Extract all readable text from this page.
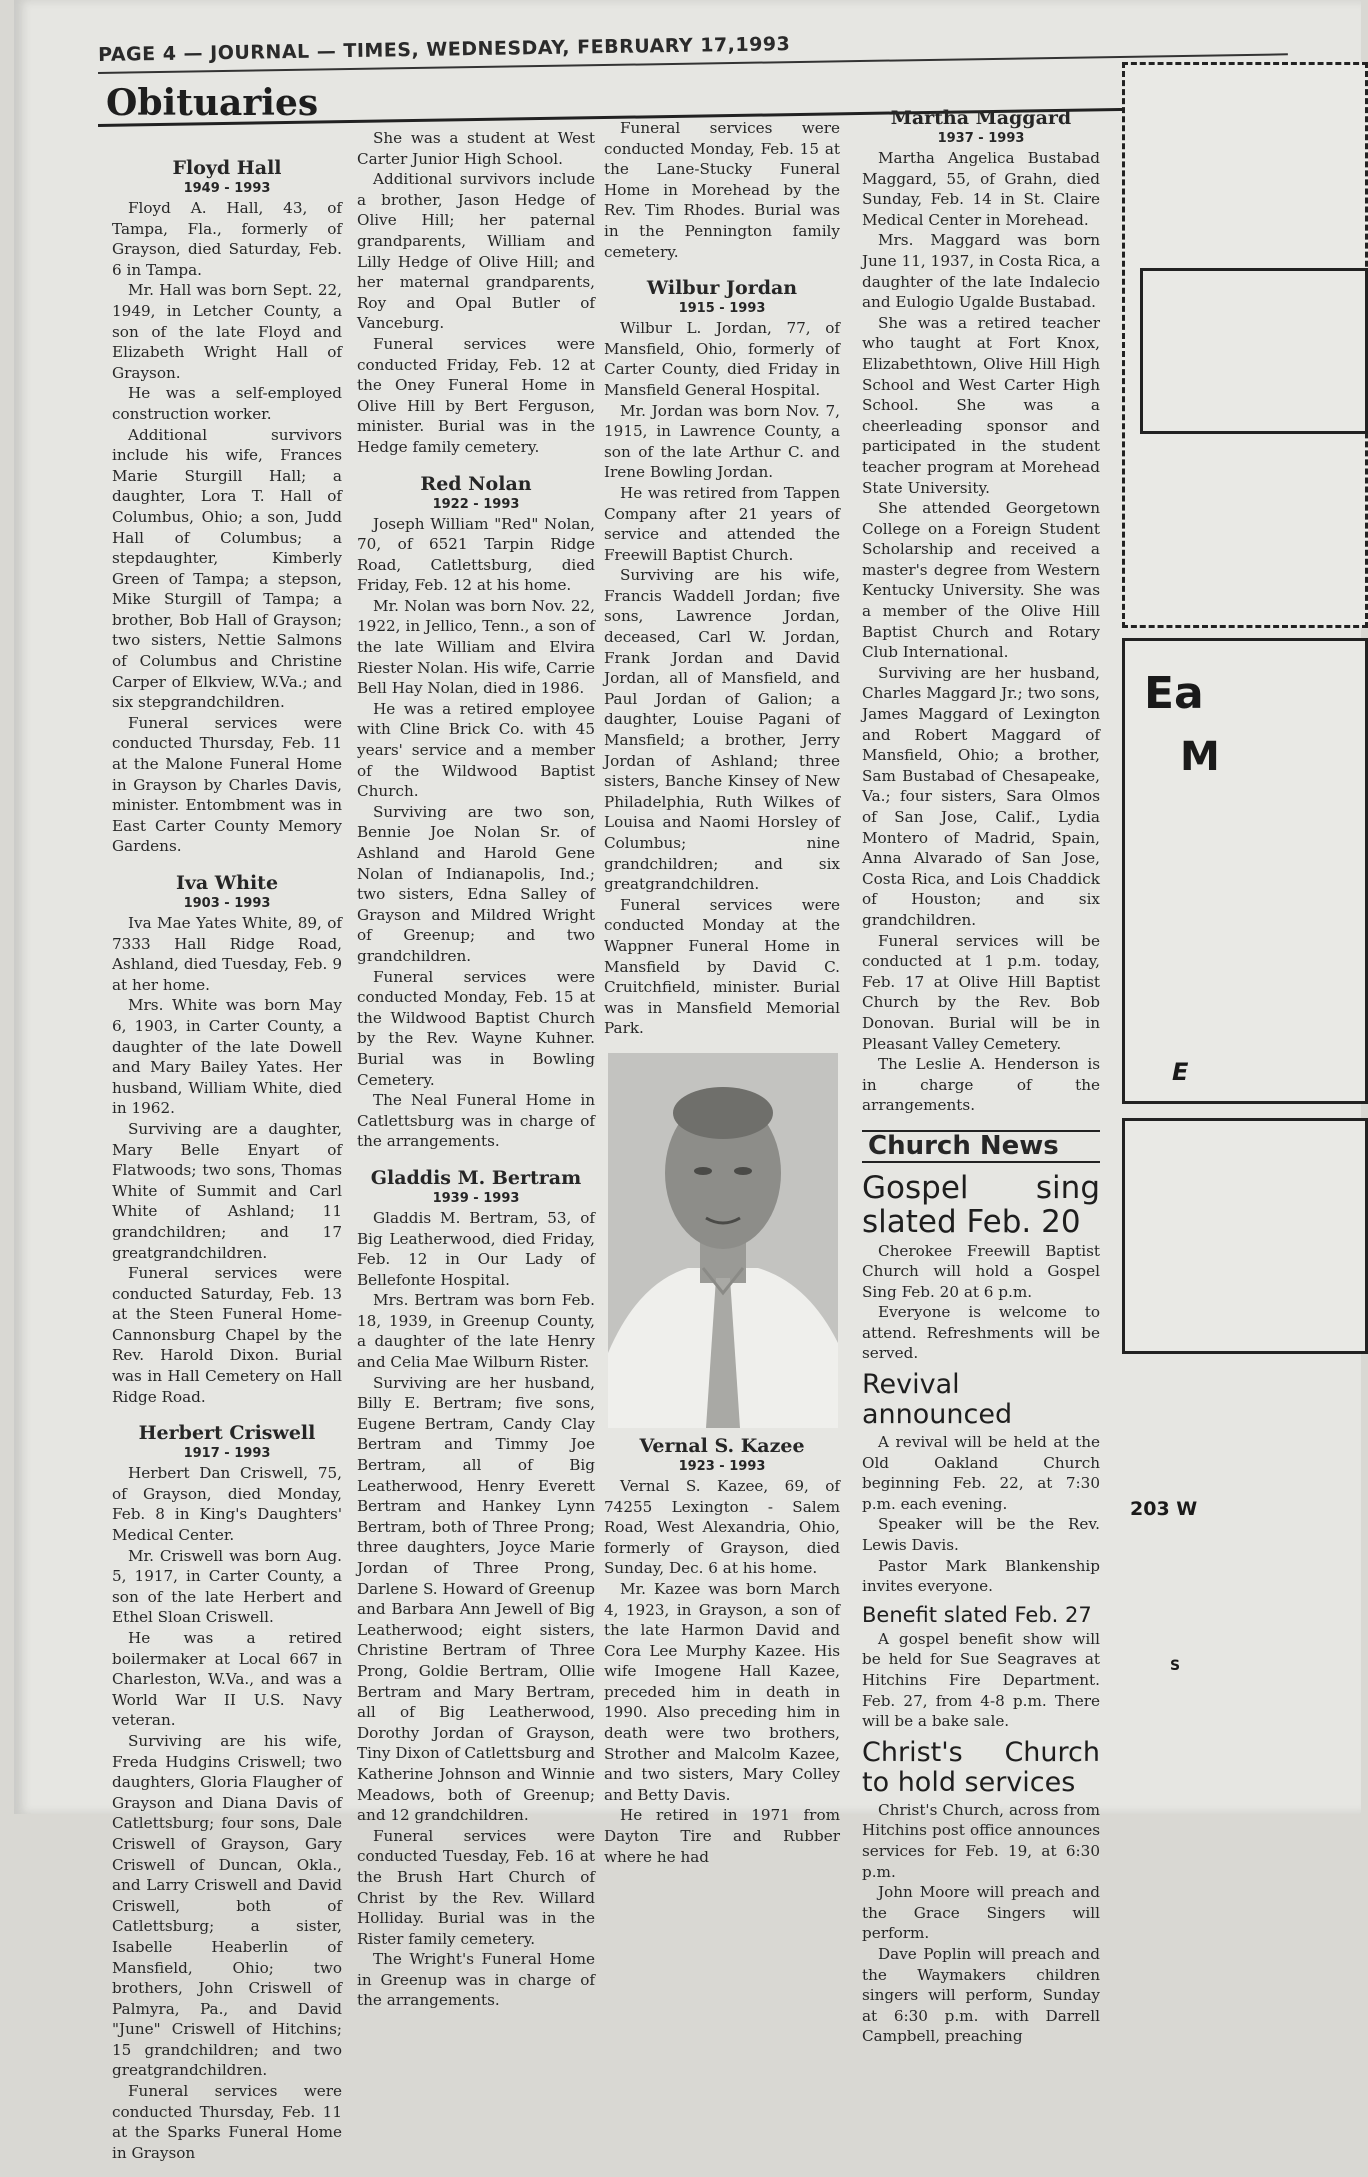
PAGE 4 — JOURNAL — TIMES, WEDNESDAY, FEBRUARY 17,1993
Obituaries
Floyd Hall
1949 - 1993

Floyd A. Hall, 43, of Tampa, Fla., formerly of Grayson, died Saturday, Feb. 6 in Tampa.

Mr. Hall was born Sept. 22, 1949, in Letcher County, a son of the late Floyd and Elizabeth Wright Hall of Grayson.

He was a self-employed construction worker.

Additional survivors include his wife, Frances Marie Sturgill Hall; a daughter, Lora T. Hall of Columbus, Ohio; a son, Judd Hall of Columbus; a stepdaughter, Kimberly Green of Tampa; a stepson, Mike Sturgill of Tampa; a brother, Bob Hall of Grayson; two sisters, Nettie Salmons of Columbus and Christine Carper of Elkview, W.Va.; and six stepgrandchildren.

Funeral services were conducted Thursday, Feb. 11 at the Malone Funeral Home in Grayson by Charles Davis, minister. Entombment was in East Carter County Memory Gardens.

Iva White
1903 - 1993

Iva Mae Yates White, 89, of 7333 Hall Ridge Road, Ashland, died Tuesday, Feb. 9 at her home.

Mrs. White was born May 6, 1903, in Carter County, a daughter of the late Dowell and Mary Bailey Yates. Her husband, William White, died in 1962.

Surviving are a daughter, Mary Belle Enyart of Flatwoods; two sons, Thomas White of Summit and Carl White of Ashland; 11 grandchildren; and 17 greatgrandchildren.

Funeral services were conducted Saturday, Feb. 13 at the Steen Funeral Home-Cannonsburg Chapel by the Rev. Harold Dixon. Burial was in Hall Cemetery on Hall Ridge Road.

Herbert Criswell
1917 - 1993

Herbert Dan Criswell, 75, of Grayson, died Monday, Feb. 8 in King's Daughters' Medical Center.

Mr. Criswell was born Aug. 5, 1917, in Carter County, a son of the late Herbert and Ethel Sloan Criswell.

He was a retired boilermaker at Local 667 in Charleston, W.Va., and was a World War II U.S. Navy veteran.

Surviving are his wife, Freda Hudgins Criswell; two daughters, Gloria Flaugher of Grayson and Diana Davis of Catlettsburg; four sons, Dale Criswell of Grayson, Gary Criswell of Duncan, Okla., and Larry Criswell and David Criswell, both of Catlettsburg; a sister, Isabelle Heaberlin of Mansfield, Ohio; two brothers, John Criswell of Palmyra, Pa., and David "June" Criswell of Hitchins; 15 grandchildren; and two greatgrandchildren.

Funeral services were conducted Thursday, Feb. 11 at the Sparks Funeral Home in Grayson

She was a student at West Carter Junior High School.

Additional survivors include a brother, Jason Hedge of Olive Hill; her paternal grandparents, William and Lilly Hedge of Olive Hill; and her maternal grandparents, Roy and Opal Butler of Vanceburg.

Funeral services were conducted Friday, Feb. 12 at the Oney Funeral Home in Olive Hill by Bert Ferguson, minister. Burial was in the Hedge family cemetery.

Red Nolan
1922 - 1993

Joseph William "Red" Nolan, 70, of 6521 Tarpin Ridge Road, Catlettsburg, died Friday, Feb. 12 at his home.

Mr. Nolan was born Nov. 22, 1922, in Jellico, Tenn., a son of the late William and Elvira Riester Nolan. His wife, Carrie Bell Hay Nolan, died in 1986.

He was a retired employee with Cline Brick Co. with 45 years' service and a member of the Wildwood Baptist Church.

Surviving are two son, Bennie Joe Nolan Sr. of Ashland and Harold Gene Nolan of Indianapolis, Ind.; two sisters, Edna Salley of Grayson and Mildred Wright of Greenup; and two grandchildren.

Funeral services were conducted Monday, Feb. 15 at the Wildwood Baptist Church by the Rev. Wayne Kuhner. Burial was in Bowling Cemetery.

The Neal Funeral Home in Catlettsburg was in charge of the arrangements.

Gladdis M. Bertram
1939 - 1993

Gladdis M. Bertram, 53, of Big Leatherwood, died Friday, Feb. 12 in Our Lady of Bellefonte Hospital.

Mrs. Bertram was born Feb. 18, 1939, in Greenup County, a daughter of the late Henry and Celia Mae Wilburn Rister.

Surviving are her husband, Billy E. Bertram; five sons, Eugene Bertram, Candy Clay Bertram and Timmy Joe Bertram, all of Big Leatherwood, Henry Everett Bertram and Hankey Lynn Bertram, both of Three Prong; three daughters, Joyce Marie Jordan of Three Prong, Darlene S. Howard of Greenup and Barbara Ann Jewell of Big Leatherwood; eight sisters, Christine Bertram of Three Prong, Goldie Bertram, Ollie Bertram and Mary Bertram, all of Big Leatherwood, Dorothy Jordan of Grayson, Tiny Dixon of Catlettsburg and Katherine Johnson and Winnie Meadows, both of Greenup; and 12 grandchildren.

Funeral services were conducted Tuesday, Feb. 16 at the Brush Hart Church of Christ by the Rev. Willard Holliday. Burial was in the Rister family cemetery.

The Wright's Funeral Home in Greenup was in charge of the arrangements.

Funeral services were conducted Monday, Feb. 15 at the Lane-Stucky Funeral Home in Morehead by the Rev. Tim Rhodes. Burial was in the Pennington family cemetery.

Wilbur Jordan
1915 - 1993

Wilbur L. Jordan, 77, of Mansfield, Ohio, formerly of Carter County, died Friday in Mansfield General Hospital.

Mr. Jordan was born Nov. 7, 1915, in Lawrence County, a son of the late Arthur C. and Irene Bowling Jordan.

He was retired from Tappen Company after 21 years of service and attended the Freewill Baptist Church.

Surviving are his wife, Francis Waddell Jordan; five sons, Lawrence Jordan, deceased, Carl W. Jordan, Frank Jordan and David Jordan, all of Mansfield, and Paul Jordan of Galion; a daughter, Louise Pagani of Mansfield; a brother, Jerry Jordan of Ashland; three sisters, Banche Kinsey of New Philadelphia, Ruth Wilkes of Louisa and Naomi Horsley of Columbus; nine grandchildren; and six greatgrandchildren.

Funeral services were conducted Monday at the Wappner Funeral Home in Mansfield by David C. Cruitchfield, minister. Burial was in Mansfield Memorial Park.

Vernal S. Kazee
1923 - 1993

Vernal S. Kazee, 69, of 74255 Lexington - Salem Road, West Alexandria, Ohio, formerly of Grayson, died Sunday, Dec. 6 at his home.

Mr. Kazee was born March 4, 1923, in Grayson, a son of the late Harmon David and Cora Lee Murphy Kazee. His wife Imogene Hall Kazee, preceded him in death in 1990. Also preceding him in death were two brothers, Strother and Malcolm Kazee, and two sisters, Mary Colley and Betty Davis.

He retired in 1971 from Dayton Tire and Rubber where he had

Martha Maggard
1937 - 1993

Martha Angelica Bustabad Maggard, 55, of Grahn, died Sunday, Feb. 14 in St. Claire Medical Center in Morehead.

Mrs. Maggard was born June 11, 1937, in Costa Rica, a daughter of the late Indalecio and Eulogio Ugalde Bustabad.

She was a retired teacher who taught at Fort Knox, Elizabethtown, Olive Hill High School and West Carter High School. She was a cheerleading sponsor and participated in the student teacher program at Morehead State University.

She attended Georgetown College on a Foreign Student Scholarship and received a master's degree from Western Kentucky University. She was a member of the Olive Hill Baptist Church and Rotary Club International.

Surviving are her husband, Charles Maggard Jr.; two sons, James Maggard of Lexington and Robert Maggard of Mansfield, Ohio; a brother, Sam Bustabad of Chesapeake, Va.; four sisters, Sara Olmos of San Jose, Calif., Lydia Montero of Madrid, Spain, Anna Alvarado of San Jose, Costa Rica, and Lois Chaddick of Houston; and six grandchildren.

Funeral services will be conducted at 1 p.m. today, Feb. 17 at Olive Hill Baptist Church by the Rev. Bob Donovan. Burial will be in Pleasant Valley Cemetery.

The Leslie A. Henderson is in charge of the arrangements.

Church News
Gospel sing slated Feb. 20

Cherokee Freewill Baptist Church will hold a Gospel Sing Feb. 20 at 6 p.m.

Everyone is welcome to attend. Refreshments will be served.

Revival announced

A revival will be held at the Old Oakland Church beginning Feb. 22, at 7:30 p.m. each evening.

Speaker will be the Rev. Lewis Davis.

Pastor Mark Blankenship invites everyone.

Benefit slated Feb. 27

A gospel benefit show will be held for Sue Seagraves at Hitchins Fire Department. Feb. 27, from 4-8 p.m. There will be a bake sale.

Christ's Church to hold services

Christ's Church, across from Hitchins post office announces services for Feb. 19, at 6:30 p.m.

John Moore will preach and the Grace Singers will perform.

Dave Poplin will preach and the Waymakers children singers will perform, Sunday at 6:30 p.m. with Darrell Campbell, preaching

Ea
M
E
203 W
S
